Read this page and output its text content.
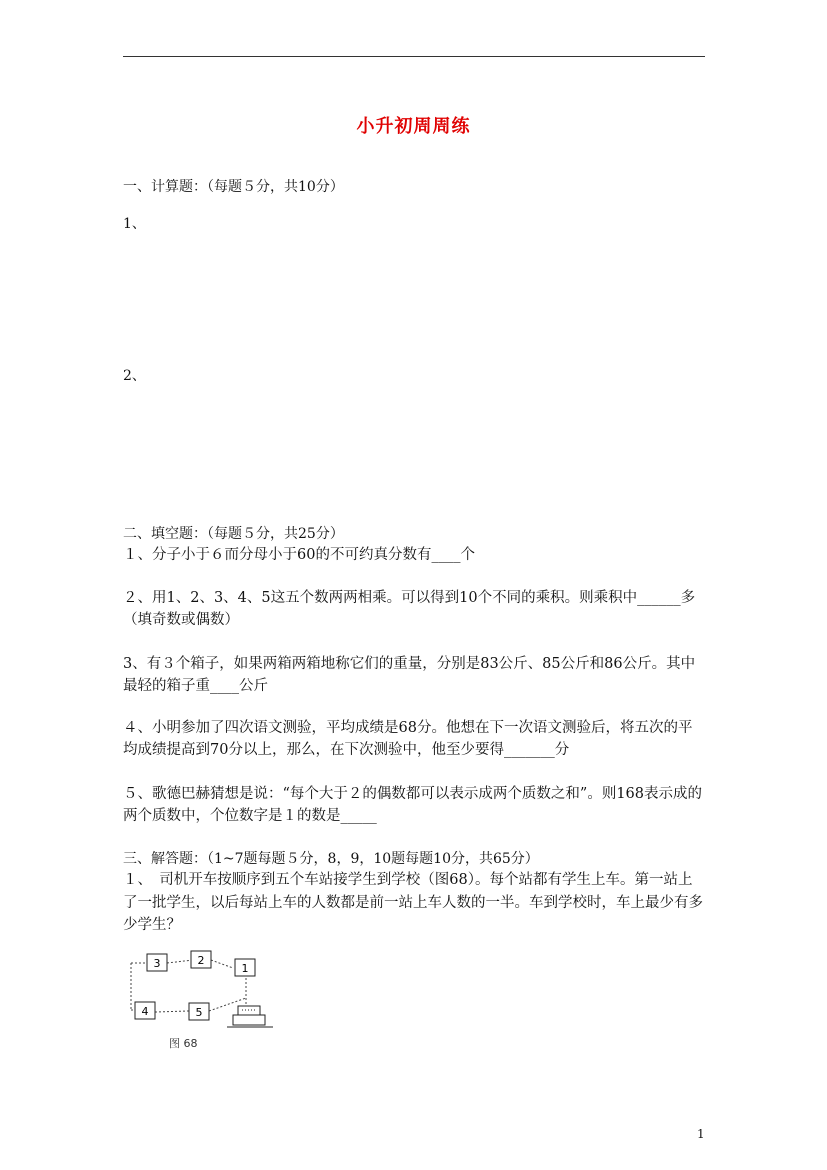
小升初周周练
一、计算题：（每题５分，共10分）
1、
2、
二、填空题：（每题５分，共25分）
１、分子小于６而分母小于60的不可约真分数有____个
２、用1、2、3、4、5这五个数两两相乘。可以得到10个不同的乘积。则乘积中______多
（填奇数或偶数）
3、有３个箱子，如果两箱两箱地称它们的重量，分别是83公斤、85公斤和86公斤。其中
最轻的箱子重____公斤
４、小明参加了四次语文测验，平均成绩是68分。他想在下一次语文测验后，将五次的平
均成绩提高到70分以上，那么，在下次测验中，他至少要得_______分
５、歌德巴赫猜想是说：“每个大于２的偶数都可以表示成两个质数之和”。则168表示成的
两个质数中，个位数字是１的数是_____
三、解答题：（1~7题每题５分，8，9，10题每题10分，共65分）
１、　司机开车按顺序到五个车站接学生到学校（图68）。每个站都有学生上车。第一站上
了一批学生，以后每站上车的人数都是前一站上车人数的一半。车到学校时，车上最少有多
少学生？
3	2
1
4	5
图 68
1
